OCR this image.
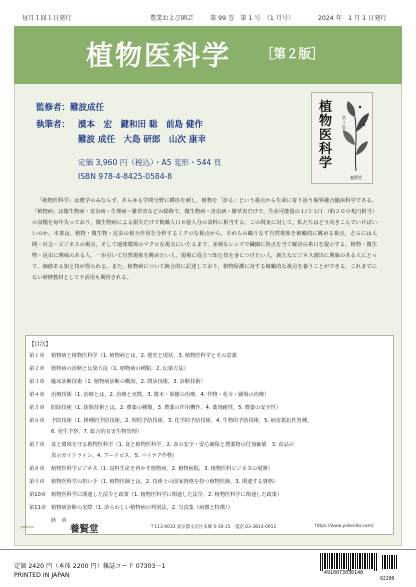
毎月１回１日発行	農業および園芸	第 99 巻　第 1 号　（1 月号）	2024 年　1 月 1 日発行
植物医科学 ［第２版］
植物医科学
第２版
養賢堂
監修者：難波成任
執筆者： 濱本　宏　鍵和田 聡　前島 健作
難波 成任　大島 研郎　山次 康幸
定価 3,960 円（税込）・A5 変形・544 頁
ISBN 978-4-8425-0584-8

「植物医科学」は農学のみならず，あらゆる学問分野に横串を刺し，植物を「診る」という視点から生命に寄り添う複界融合臨床科学である。「植物病」は微生物病・害虫病・生理病・雑草害などの総称で，微生物病・害虫病・雑草害だけで，生産可能量の１/３３/１（約２００兆円相当）の食糧を毎年失っており，微生物病による損失だけで飢餓人口８億人分の食料に相当する。この現実に対して，私たちはどう向きこんでいけばいいのか。本書は，植物・微生物・昆虫の相互作用を分析するミクロな視点から，それらの織りなす自然現象を俯瞰的に眺める視点，さらには人間・社会・ビジネスの視点，そして地球環境のマクロな視点にいたるまで，多層なレンズで繊細に焦点を当て解決の糸口を提示する。植物・微生物・昆虫に興味のある人，一歩引いて自然現象を眺めたい人，現場に役立つ知と技を身につけたい人，新たなビジネス創出に興味のある人にとって，価値ある知と技が得られる。また，植物病について統合的に記述しており，植物保護に対する俯瞰的な視点を養うことができる。これまでにない研修教材として不活用も期待される。

【目次】
第１章 植物病と植物医科学（1. 植物病とは，2. 歴史と現状，3. 植物医科学とその意義
第２章 植物病の診断と伝染方法（1. 植物病の種類，2. 伝染方法）
第３章 臨床診断技術（1. 植物病診断の概説，2. 問診技術，3. 診断技術）
第４章 治療技術（1. 治療とは，2. 治療と実際，3. 微本・果樹の治療，4. 作物・花卉・圃場の治療）
第５章 防除技術（1. 防除技術とは，2. 農薬の種類，3. 農薬の作用機作，4. 薬剤耐性，5. 農薬の安全性）
第６章 予防技術（1. 耕種的予防技術，2. 理的予防技術，3. 化学的予防技術，4. 生物的予防技術，5. 病害抵抗性育種，
6. 発生予察，7. 総合的有害生物管理）
第７章 食と環境を守る植物医科学（1. 食と植物医科学，2. 食の安全・安心確保と農薬物の付加価値　3. 食品の
表示ガイドライン，4. フードロス，5. バイテク作物）
第８章 植物医科学ビジネス（1. 食料生産を脅かす植物病，2. 植物病院，3. 植物医科ビジネスの展開）
第９章 植物医科学の担い手（1. 植物医師とは，2. 技術士の国家資格を持つ植物医師，3. 関連する資格）
第10章 植物医科学に関連した法令と政策（1. 植物医科学に関連した法令，2. 植物医科学に関連した政策）
第11章 植物病診断の実際（1. 診らわしい植物病の判別法，2. 写真集（病徴と特徴））
終　章
yokendo	養賢堂	〒113-0033 東京都文京区本郷 5-30-15　電話 03-3814-0911	https://www.yokendo.com/
定価 2420 円（本体 2200 円）雑誌コード 07303－1
PRINTED IN JAPAN	4910073030148
02200
